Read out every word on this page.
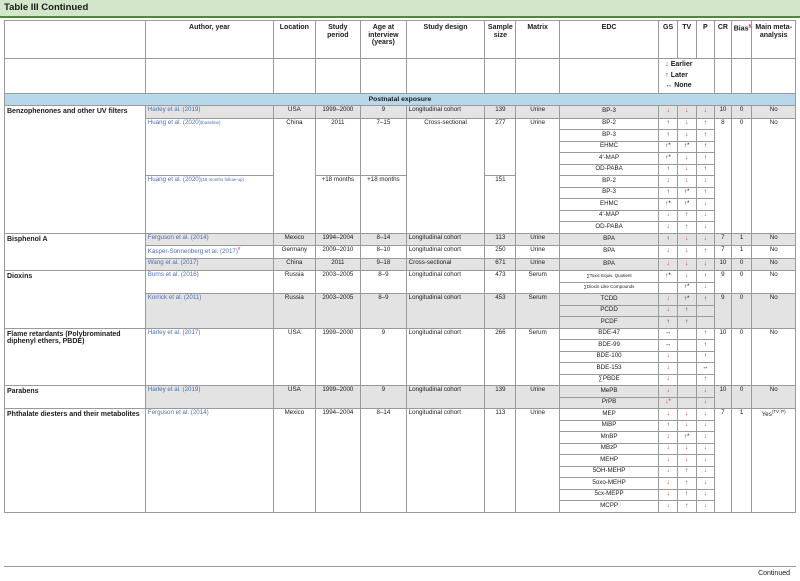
Table III Continued
	Author, year	Location	Study period	Age at interview (years)	Study design	Sample size	Matrix	EDC	GS	TV	P	CR	Bias§	Main meta-analysis

									↓ Earlier
↑ Later
↔ None					

Postnatal exposure														
Benzophenones and other UV filters	Harley et al. (2019)	USA	1999–2000	9	Longitudinal cohort	139	Urine	BP-3	↓	↓	↓	10	0	No
	Huang et al. (2020)(baseline)	China	2011	7–15	Cross-sectional	277	Urine	BP-2	↑	↓	↑	8	0	No
								BP-3	↑	↓	↑			
								EHMC	↑*	↑*	↑			
								4′-MAP	↑*	↓	↑			
								OD-PABA	↑	↓	↑			
	Huang et al. (2020)(18 months follow-up)		+18 months	+18 months		151		BP-2	↓	↓	↓			
								BP-3	↑	↑*	↑			
								EHMC	↑*	↑*	↓			
								4′-MAP	↓	↑	↓			
								OD-PABA	↓	↑	↓			
Bisphenol A	Ferguson et al. (2014)	Mexico	1994–2004	8–14	Longitudinal cohort	113	Urine	BPA	↑	↓	↓	7	1	No
	Kasper-Sonnenberg et al. (2017)#	Germany	2009–2010	8–10	Longitudinal cohort	250	Urine	BPA	↓	↓	↑	7	1	No
	Wang et al. (2017)	China	2011	9–18	Cross-sectional	671	Urine	BPA	↓	↓	↓	10	0	No
Dioxins	Burns et al. (2016)	Russia	2003–2005	8–9	Longitudinal cohort	473	Serum	∑Toxic Equiv. Quotient	↑*	↓	↑	9	0	No
								∑Dioxin Like Compounds		↑*	↓			
	Korrick et al. (2011)	Russia	2003–2005	8–9	Longitudinal cohort	453	Serum	TCDD	↓	↑*	↑	9	0	No
								PCDD	↓	↑				
								PCDF	↑	↑				
Flame retardants (Polybrominated diphenyl ethers, PBDE)	Harley et al. (2017)	USA	1999–2000	9	Longitudinal cohort	266	Serum	BDE-47	↔		↑	10	0	No
								BDE-99	↔		↑			
								BDE-100	↓		↑			
								BDE-153	↓		↔			
								∑PBDE	↓		↑			
Parabens	Harley et al. (2019)	USA	1999–2000	9	Longitudinal cohort	139	Urine	MePB	↓		↓	10	0	No
								PrPB	↓*		↓			
Phthalate diesters and their metabolites	Ferguson et al. (2014)	Mexico	1994–2004	8–14	Longitudinal cohort	113	Urine	MEP	↓	↓	↓	7	1	Yes$^{(TV, P)}$
								MiBP	↑	↓	↓			
								MnBP	↓	↑*	↓			
								MBzP	↓	↓	↓			
								MEHP	↓	↓	↓			
								5OH-MEHP	↓	↑	↓			
								5oxo-MEHP	↓	↑	↓			
								5cx-MEPP	↓	↑	↓			
								MCPP	↓	↑	↓			
Continued
